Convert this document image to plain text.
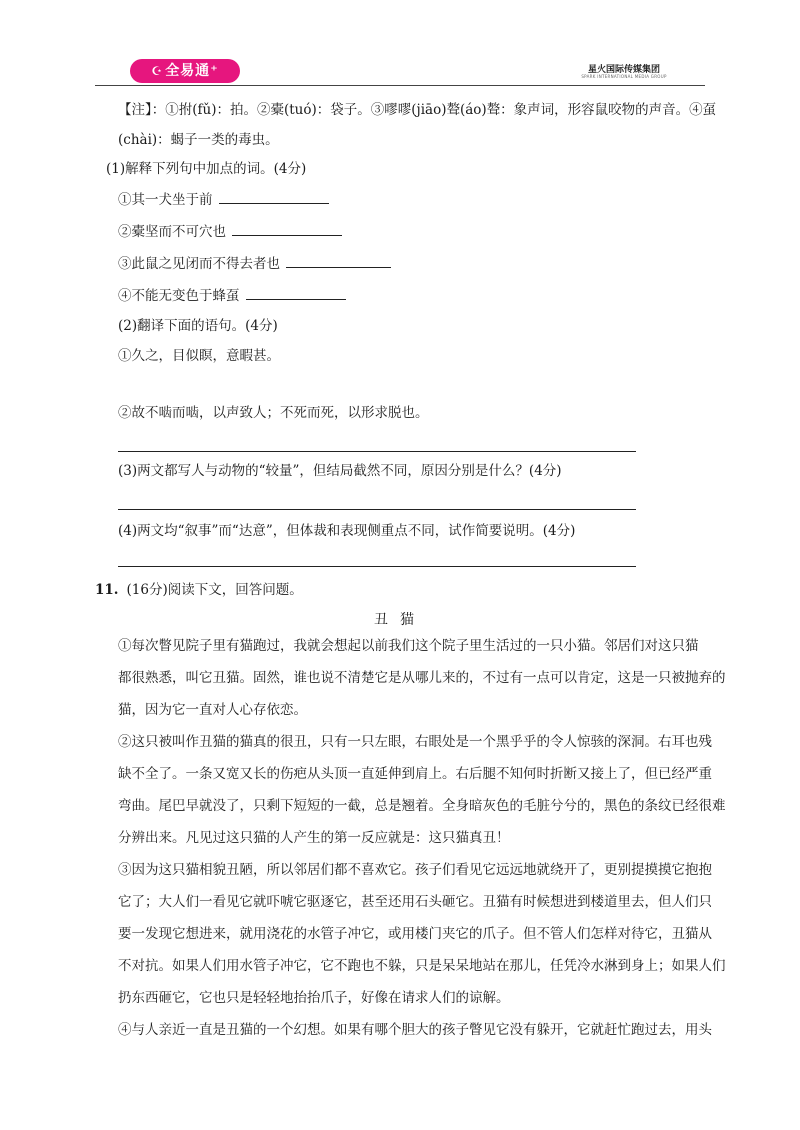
☪ 全易通⁺	星火国际传媒集团
SPARK INTERNATIONAL MEDIA GROUP
【注】：①拊(fǔ)：拍。②橐(tuó)：袋子。③嘐嘐(jiāo)聱(áo)聱：象声词，形容鼠咬物的声音。④虿
(chài)：蝎子一类的毒虫。
(1)解释下列句中加点的词。(4分)
①其一犬坐于前
②橐坚而不可穴也
③此鼠之见闭而不得去者也
④不能无变色于蜂虿
(2)翻译下面的语句。(4分)
①久之，目似瞑，意暇甚。
②故不啮而啮，以声致人；不死而死，以形求脱也。
(3)两文都写人与动物的“较量”，但结局截然不同，原因分别是什么？(4分)
(4)两文均“叙事”而“达意”，但体裁和表现侧重点不同，试作简要说明。(4分)
11. (16分)阅读下文，回答问题。
丑猫
①每次瞥见院子里有猫跑过，我就会想起以前我们这个院子里生活过的一只小猫。邻居们对这只猫
都很熟悉，叫它丑猫。固然，谁也说不清楚它是从哪儿来的，不过有一点可以肯定，这是一只被抛弃的
猫，因为它一直对人心存依恋。
②这只被叫作丑猫的猫真的很丑，只有一只左眼，右眼处是一个黑乎乎的令人惊骇的深洞。右耳也残
缺不全了。一条又宽又长的伤疤从头顶一直延伸到肩上。右后腿不知何时折断又接上了，但已经严重
弯曲。尾巴早就没了，只剩下短短的一截，总是翘着。全身暗灰色的毛脏兮兮的，黑色的条纹已经很难
分辨出来。凡见过这只猫的人产生的第一反应就是：这只猫真丑！
③因为这只猫相貌丑陋，所以邻居们都不喜欢它。孩子们看见它远远地就绕开了，更别提摸摸它抱抱
它了；大人们一看见它就吓唬它驱逐它，甚至还用石头砸它。丑猫有时候想进到楼道里去，但人们只
要一发现它想进来，就用浇花的水管子冲它，或用楼门夹它的爪子。但不管人们怎样对待它，丑猫从
不对抗。如果人们用水管子冲它，它不跑也不躲，只是呆呆地站在那儿，任凭冷水淋到身上；如果人们
扔东西砸它，它也只是轻轻地抬抬爪子，好像在请求人们的谅解。
④与人亲近一直是丑猫的一个幻想。如果有哪个胆大的孩子瞥见它没有躲开，它就赶忙跑过去，用头
